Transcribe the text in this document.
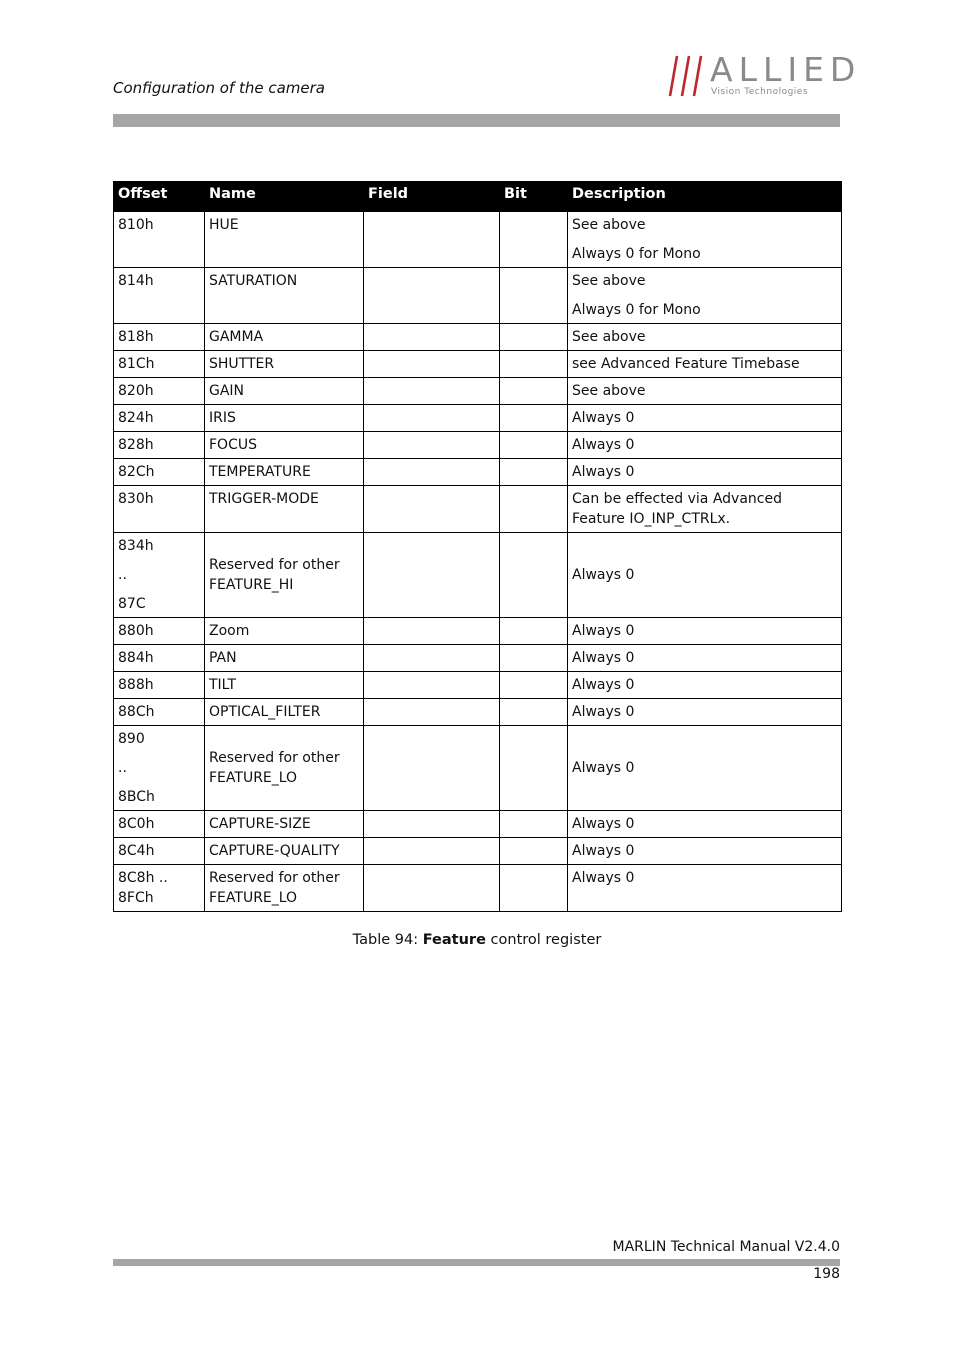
Configuration of the camera	ALLIED
Vision Technologies
Offset	Name	Field	Bit	Description

810h	HUE			See above
Always 0 for Mono

814h	SATURATION			See above
Always 0 for Mono

818h	GAMMA			See above

81Ch	SHUTTER			see Advanced Feature Timebase

820h	GAIN			See above

824h	IRIS			Always 0

828h	FOCUS			Always 0

82Ch	TEMPERATURE			Always 0

830h	TRIGGER-MODE			Can be effected via Advanced Feature IO_INP_CTRLx.

834h
..
87C	Reserved for other FEATURE_HI			Always 0

880h	Zoom			Always 0

884h	PAN			Always 0

888h	TILT			Always 0

88Ch	OPTICAL_FILTER			Always 0

890
..
8BCh	Reserved for other FEATURE_LO			Always 0

8C0h	CAPTURE-SIZE			Always 0

8C4h	CAPTURE-QUALITY			Always 0

8C8h .. 8FCh	Reserved for other FEATURE_LO			Always 0
Table 94: Feature control register
MARLIN Technical Manual V2.4.0
198
